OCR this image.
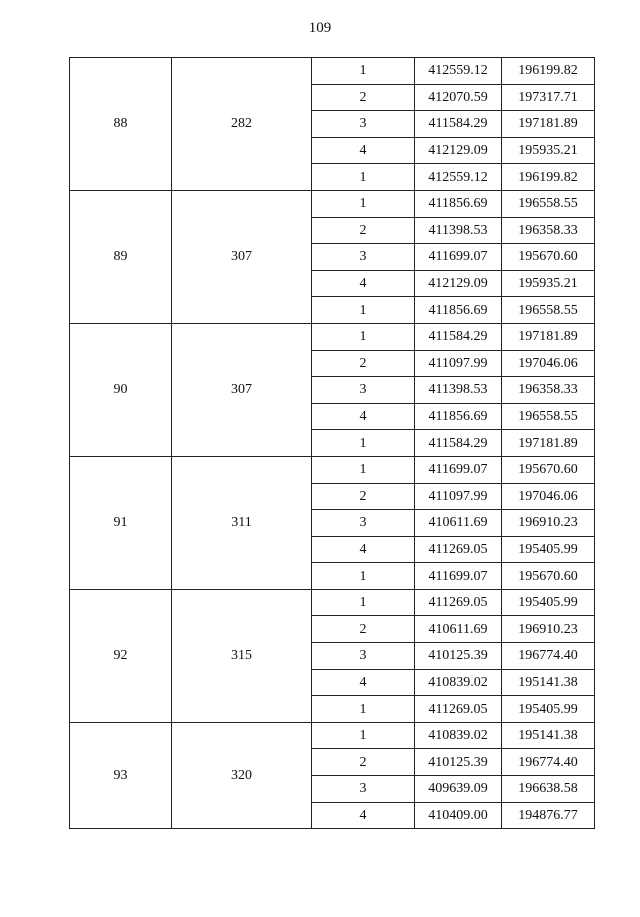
109
88	282	1	412559.12	196199.82
		2	412070.59	197317.71
		3	411584.29	197181.89
		4	412129.09	195935.21
		1	412559.12	196199.82
89	307	1	411856.69	196558.55
		2	411398.53	196358.33
		3	411699.07	195670.60
		4	412129.09	195935.21
		1	411856.69	196558.55
90	307	1	411584.29	197181.89
		2	411097.99	197046.06
		3	411398.53	196358.33
		4	411856.69	196558.55
		1	411584.29	197181.89
91	311	1	411699.07	195670.60
		2	411097.99	197046.06
		3	410611.69	196910.23
		4	411269.05	195405.99
		1	411699.07	195670.60
92	315	1	411269.05	195405.99
		2	410611.69	196910.23
		3	410125.39	196774.40
		4	410839.02	195141.38
		1	411269.05	195405.99
93	320	1	410839.02	195141.38
		2	410125.39	196774.40
		3	409639.09	196638.58
		4	410409.00	194876.77
